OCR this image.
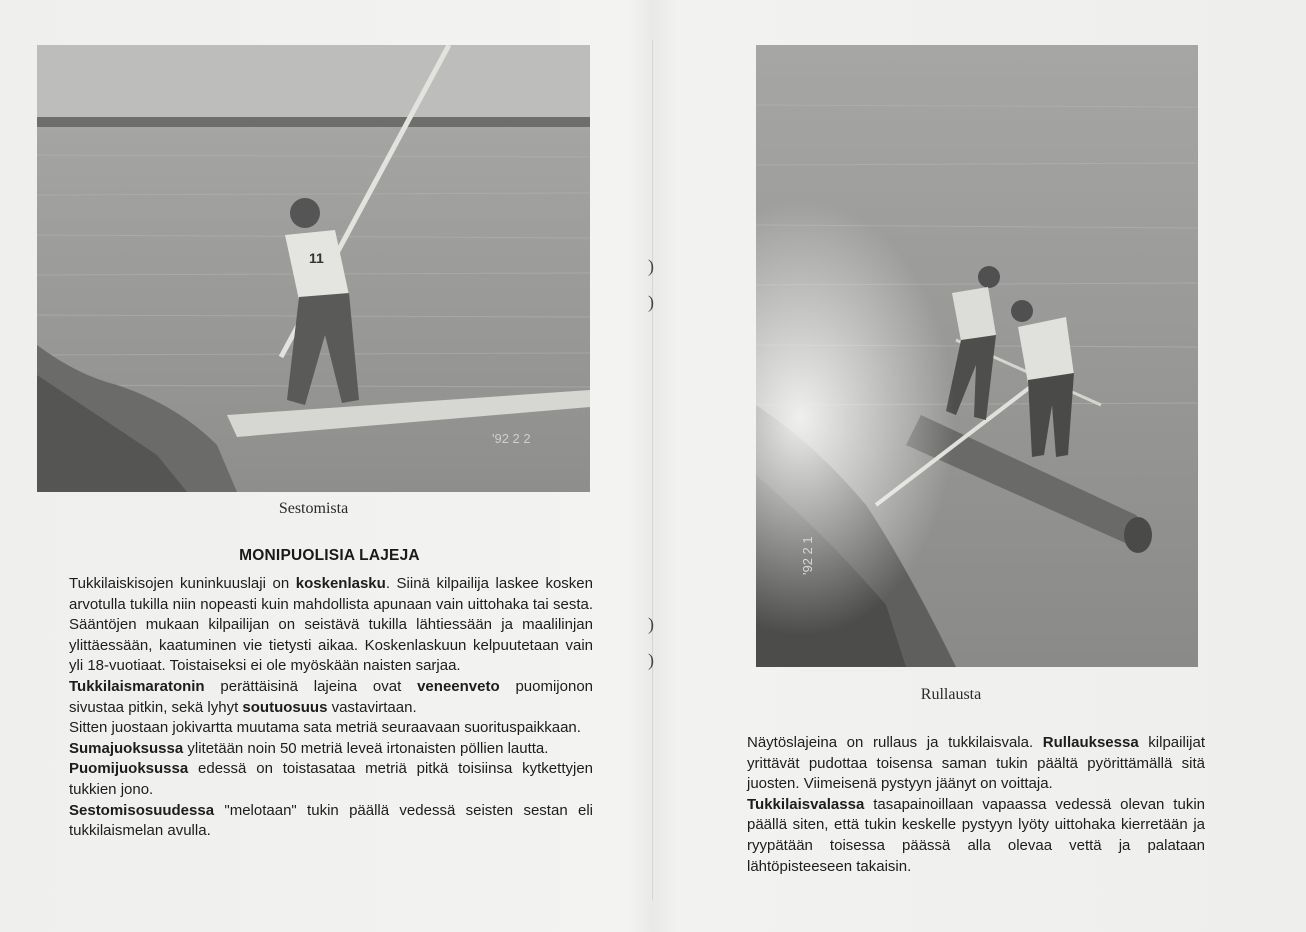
11
'92 2 2
Sestomista
MONIPUOLISIA LAJEJA

Tukkilaiskisojen kuninkuuslaji on koskenlasku. Siinä kilpailija laskee kosken arvotulla tukilla niin nopeasti kuin mahdollista apunaan vain uittohaka tai sesta. Sääntöjen mukaan kilpailijan on seistävä tukilla lähtiessään ja maalilinjan ylittäessään, kaatuminen vie tietysti aikaa. Koskenlaskuun kelpuutetaan vain yli 18-vuotiaat. Toistaiseksi ei ole myöskään naisten sarjaa.

Tukkilaismaratonin perättäisinä lajeina ovat veneenveto puomijonon sivustaa pitkin, sekä lyhyt soutuosuus vastavirtaan.

Sitten juostaan jokivartta muutama sata metriä seuraavaan suorituspaikkaan.

Sumajuoksussa ylitetään noin 50 metriä leveä irtonaisten pöllien lautta.

Puomijuoksussa edessä on toistasataa metriä pitkä toisiinsa kytkettyjen tukkien jono.

Sestomisosuudessa "melotaan" tukin päällä vedessä seisten sestan eli tukkilaismelan avulla.

)
)
)
)
'92 2 1
Rullausta

Näytöslajeina on rullaus ja tukkilaisvala. Rullauksessa kilpailijat yrittävät pudottaa toisensa saman tukin päältä pyörittämällä sitä juosten. Viimeisenä pystyyn jäänyt on voittaja.

Tukkilaisvalassa tasapainoillaan vapaassa vedessä olevan tukin päällä siten, että tukin keskelle pystyyn lyöty uittohaka kierretään ja ryypätään toisessa päässä alla olevaa vettä ja palataan lähtöpisteeseen takaisin.
